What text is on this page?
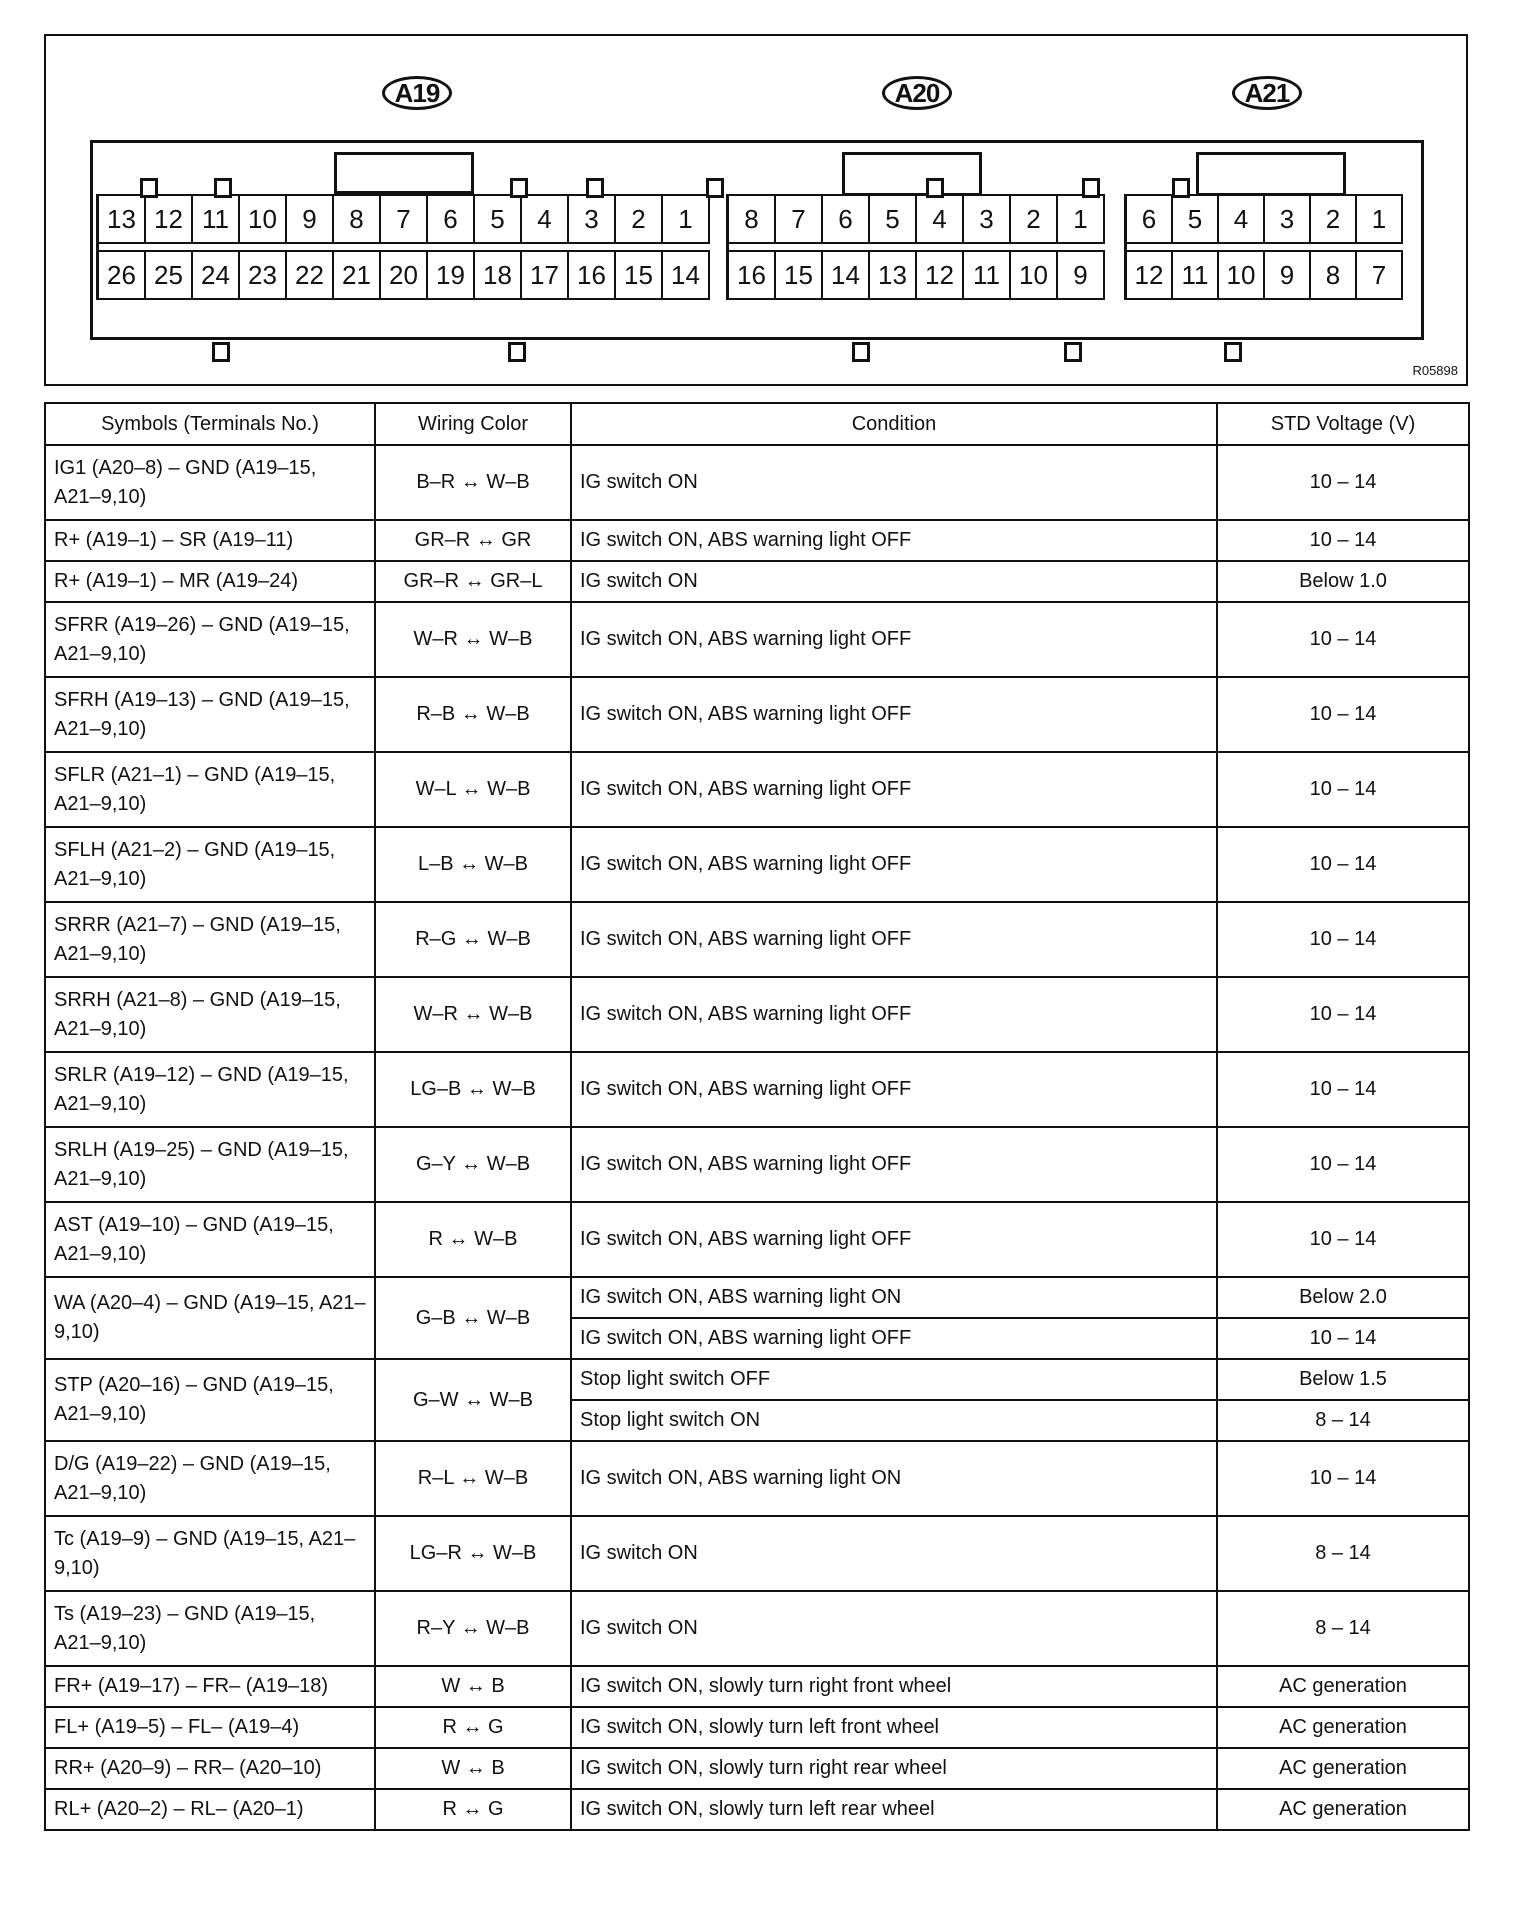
A19	A20	A21
13 12 11 10 9	8	7	6	5	4	3	2	1
26 25 24 23 22 21 20 19 18 17 16 15 14
8	7	6	5	4	3	2	1
16 15 14 13 12 11 10 9
6	5	4	3	2	1
12 11 10 9	8	7
R05898
Symbols (Terminals No.)	Wiring Color	Condition	STD Voltage (V)
IG1 (A20–8) – GND (A19–15, A21–9,10)	B–R ↔ W–B	IG switch ON	10 – 14
R+ (A19–1) – SR (A19–11)	GR–R ↔ GR	IG switch ON, ABS warning light OFF	10 – 14
R+ (A19–1) – MR (A19–24)	GR–R ↔ GR–L	IG switch ON	Below 1.0
SFRR (A19–26) – GND (A19–15, A21–9,10)	W–R ↔ W–B	IG switch ON, ABS warning light OFF	10 – 14
SFRH (A19–13) – GND (A19–15, A21–9,10)	R–B ↔ W–B	IG switch ON, ABS warning light OFF	10 – 14
SFLR (A21–1) – GND (A19–15, A21–9,10)	W–L ↔ W–B	IG switch ON, ABS warning light OFF	10 – 14
SFLH (A21–2) – GND (A19–15, A21–9,10)	L–B ↔ W–B	IG switch ON, ABS warning light OFF	10 – 14
SRRR (A21–7) – GND (A19–15, A21–9,10)	R–G ↔ W–B	IG switch ON, ABS warning light OFF	10 – 14
SRRH (A21–8) – GND (A19–15, A21–9,10)	W–R ↔ W–B	IG switch ON, ABS warning light OFF	10 – 14
SRLR (A19–12) – GND (A19–15, A21–9,10)	LG–B ↔ W–B	IG switch ON, ABS warning light OFF	10 – 14
SRLH (A19–25) – GND (A19–15, A21–9,10)	G–Y ↔ W–B	IG switch ON, ABS warning light OFF	10 – 14
AST (A19–10) – GND (A19–15, A21–9,10)	R ↔ W–B	IG switch ON, ABS warning light OFF	10 – 14
WA (A20–4) – GND (A19–15, A21–9,10)	G–B ↔ W–B	IG switch ON, ABS warning light ON	Below 2.0
		IG switch ON, ABS warning light OFF	10 – 14
STP (A20–16) – GND (A19–15, A21–9,10)	G–W ↔ W–B	Stop light switch OFF	Below 1.5
		Stop light switch ON	8 – 14
D/G (A19–22) – GND (A19–15, A21–9,10)	R–L ↔ W–B	IG switch ON, ABS warning light ON	10 – 14
Tc (A19–9) – GND (A19–15, A21–9,10)	LG–R ↔ W–B	IG switch ON	8 – 14
Ts (A19–23) – GND (A19–15, A21–9,10)	R–Y ↔ W–B	IG switch ON	8 – 14
FR+ (A19–17) – FR– (A19–18)	W ↔ B	IG switch ON, slowly turn right front wheel	AC generation
FL+ (A19–5) – FL– (A19–4)	R ↔ G	IG switch ON, slowly turn left front wheel	AC generation
RR+ (A20–9) – RR– (A20–10)	W ↔ B	IG switch ON, slowly turn right rear wheel	AC generation
RL+ (A20–2) – RL– (A20–1)	R ↔ G	IG switch ON, slowly turn left rear wheel	AC generation
